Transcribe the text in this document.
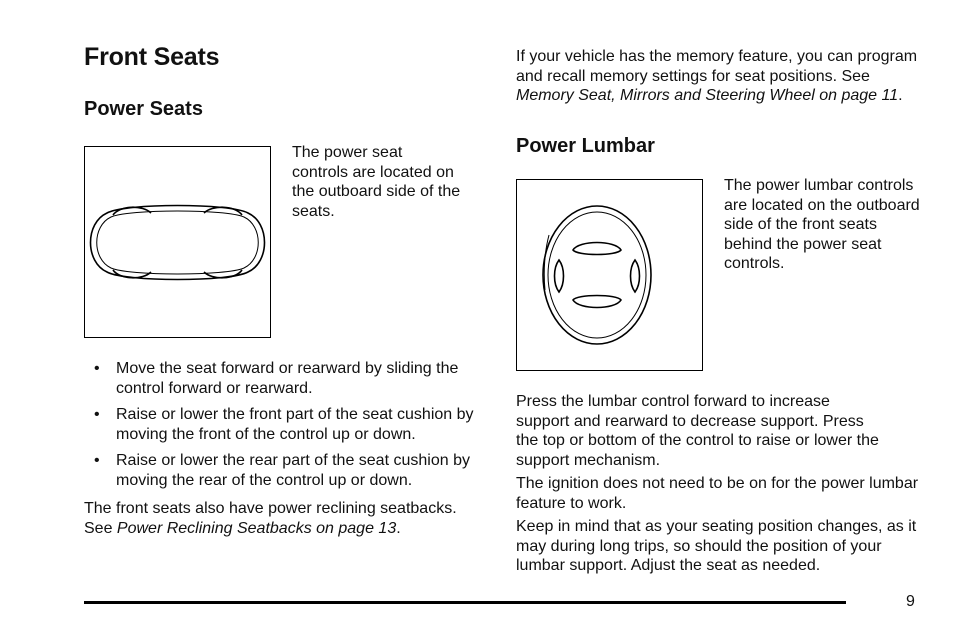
Front Seats
Power Seats
The power seat controls are located on the outboard side of the seats.
• Move the seat forward or rearward by sliding the control forward or rearward.
• Raise or lower the front part of the seat cushion by moving the front of the control up or down.
• Raise or lower the rear part of the seat cushion by moving the rear of the control up or down.

The front seats also have power reclining seatbacks. See Power Reclining Seatbacks on page 13.

If your vehicle has the memory feature, you can program and recall memory settings for seat positions. See Memory Seat, Mirrors and Steering Wheel on page 11.

Power Lumbar
The power lumbar controls are located on the outboard side of the front seats behind the power seat controls.
Press the lumbar control forward to increase support and rearward to decrease support. Press the top or bottom of the control to raise or lower the support mechanism.
The ignition does not need to be on for the power lumbar feature to work.
Keep in mind that as your seating position changes, as it may during long trips, so should the position of your lumbar support. Adjust the seat as needed.
9
